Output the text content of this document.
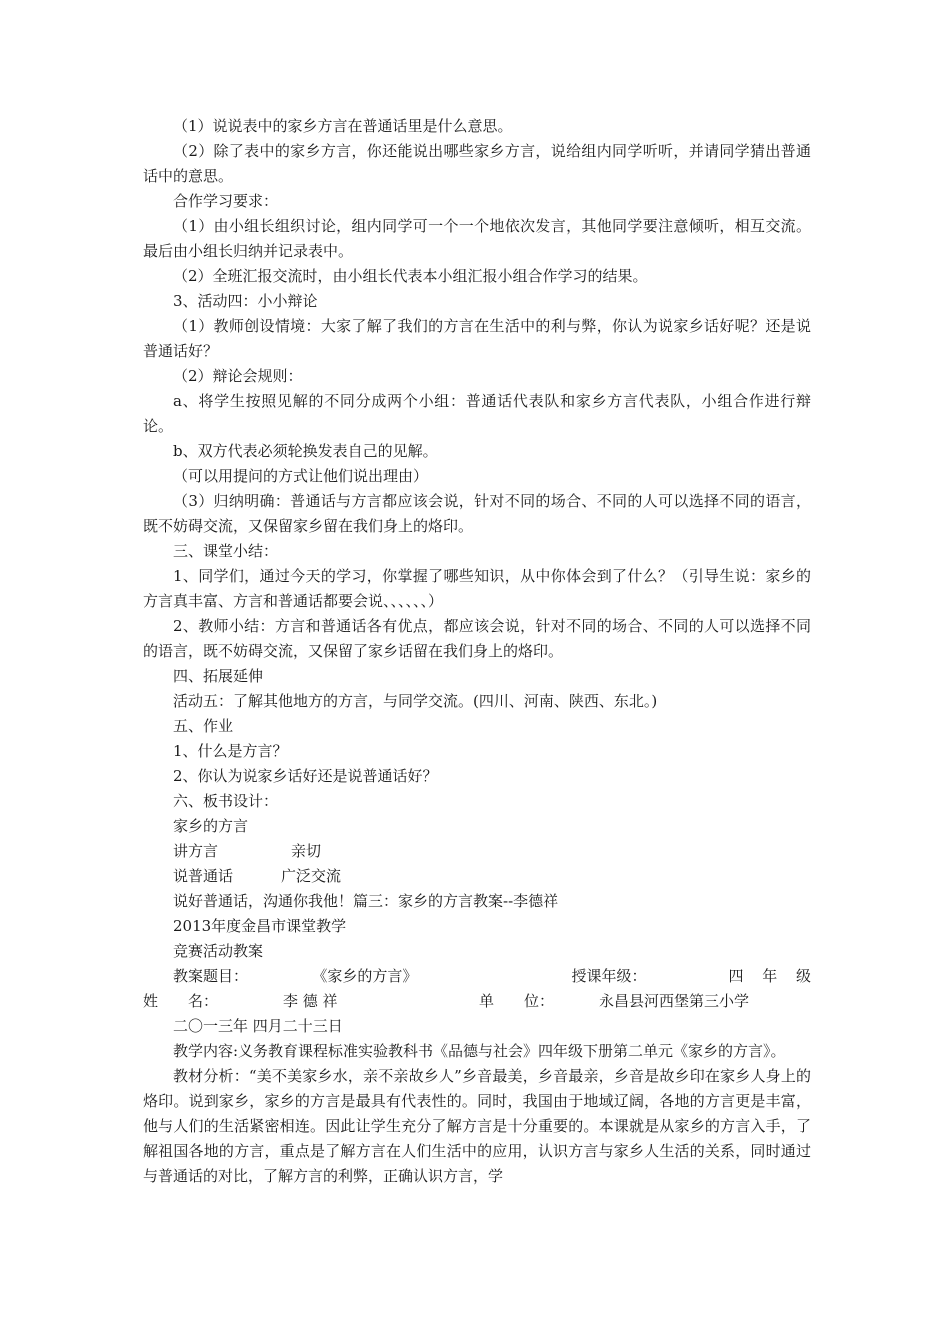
（1）说说表中的家乡方言在普通话里是什么意思。

（2）除了表中的家乡方言，你还能说出哪些家乡方言，说给组内同学听听，并请同学猜出普通话中的意思。

合作学习要求：

（1）由小组长组织讨论，组内同学可一个一个地依次发言，其他同学要注意倾听，相互交流。最后由小组长归纳并记录表中。

（2）全班汇报交流时，由小组长代表本小组汇报小组合作学习的结果。

3、活动四：小小辩论

（1）教师创设情境：大家了解了我们的方言在生活中的利与弊，你认为说家乡话好呢？还是说普通话好？

（2）辩论会规则：

a、将学生按照见解的不同分成两个小组：普通话代表队和家乡方言代表队，小组合作进行辩论。

b、双方代表必须轮换发表自己的见解。

（可以用提问的方式让他们说出理由）

（3）归纳明确：普通话与方言都应该会说，针对不同的场合、不同的人可以选择不同的语言，既不妨碍交流，又保留家乡留在我们身上的烙印。

三、课堂小结：

1、同学们，通过今天的学习，你掌握了哪些知识，从中你体会到了什么？（引导生说：家乡的方言真丰富、方言和普通话都要会说、、、、、、）

2、教师小结：方言和普通话各有优点，都应该会说，针对不同的场合、不同的人可以选择不同的语言，既不妨碍交流，又保留了家乡话留在我们身上的烙印。

四、拓展延伸

活动五：了解其他地方的方言，与同学交流。(四川、河南、陕西、东北。)

五、作业

1、什么是方言？

2、你认为说家乡话好还是说普通话好？

六、板书设计：

家乡的方言

讲方言	亲切
说普通话	广泛交流

说好普通话，沟通你我他！篇三：家乡的方言教案--李德祥

2013年度金昌市课堂教学

竞赛活动教案

教案题目：	《家乡的方言》	授课年级：	四 年 级
姓　　名：	李 德 祥	单　　位：	永昌县河西堡第三小学

二〇一三年 四月二十三日

教学内容:义务教育课程标准实验教科书《品德与社会》四年级下册第二单元《家乡的方言》。

教材分析：“美不美家乡水，亲不亲故乡人”乡音最美，乡音最亲，乡音是故乡印在家乡人身上的烙印。说到家乡，家乡的方言是最具有代表性的。同时，我国由于地域辽阔，各地的方言更是丰富，他与人们的生活紧密相连。因此让学生充分了解方言是十分重要的。本课就是从家乡的方言入手，了解祖国各地的方言，重点是了解方言在人们生活中的应用，认识方言与家乡人生活的关系，同时通过与普通话的对比，了解方言的利弊，正确认识方言，学
